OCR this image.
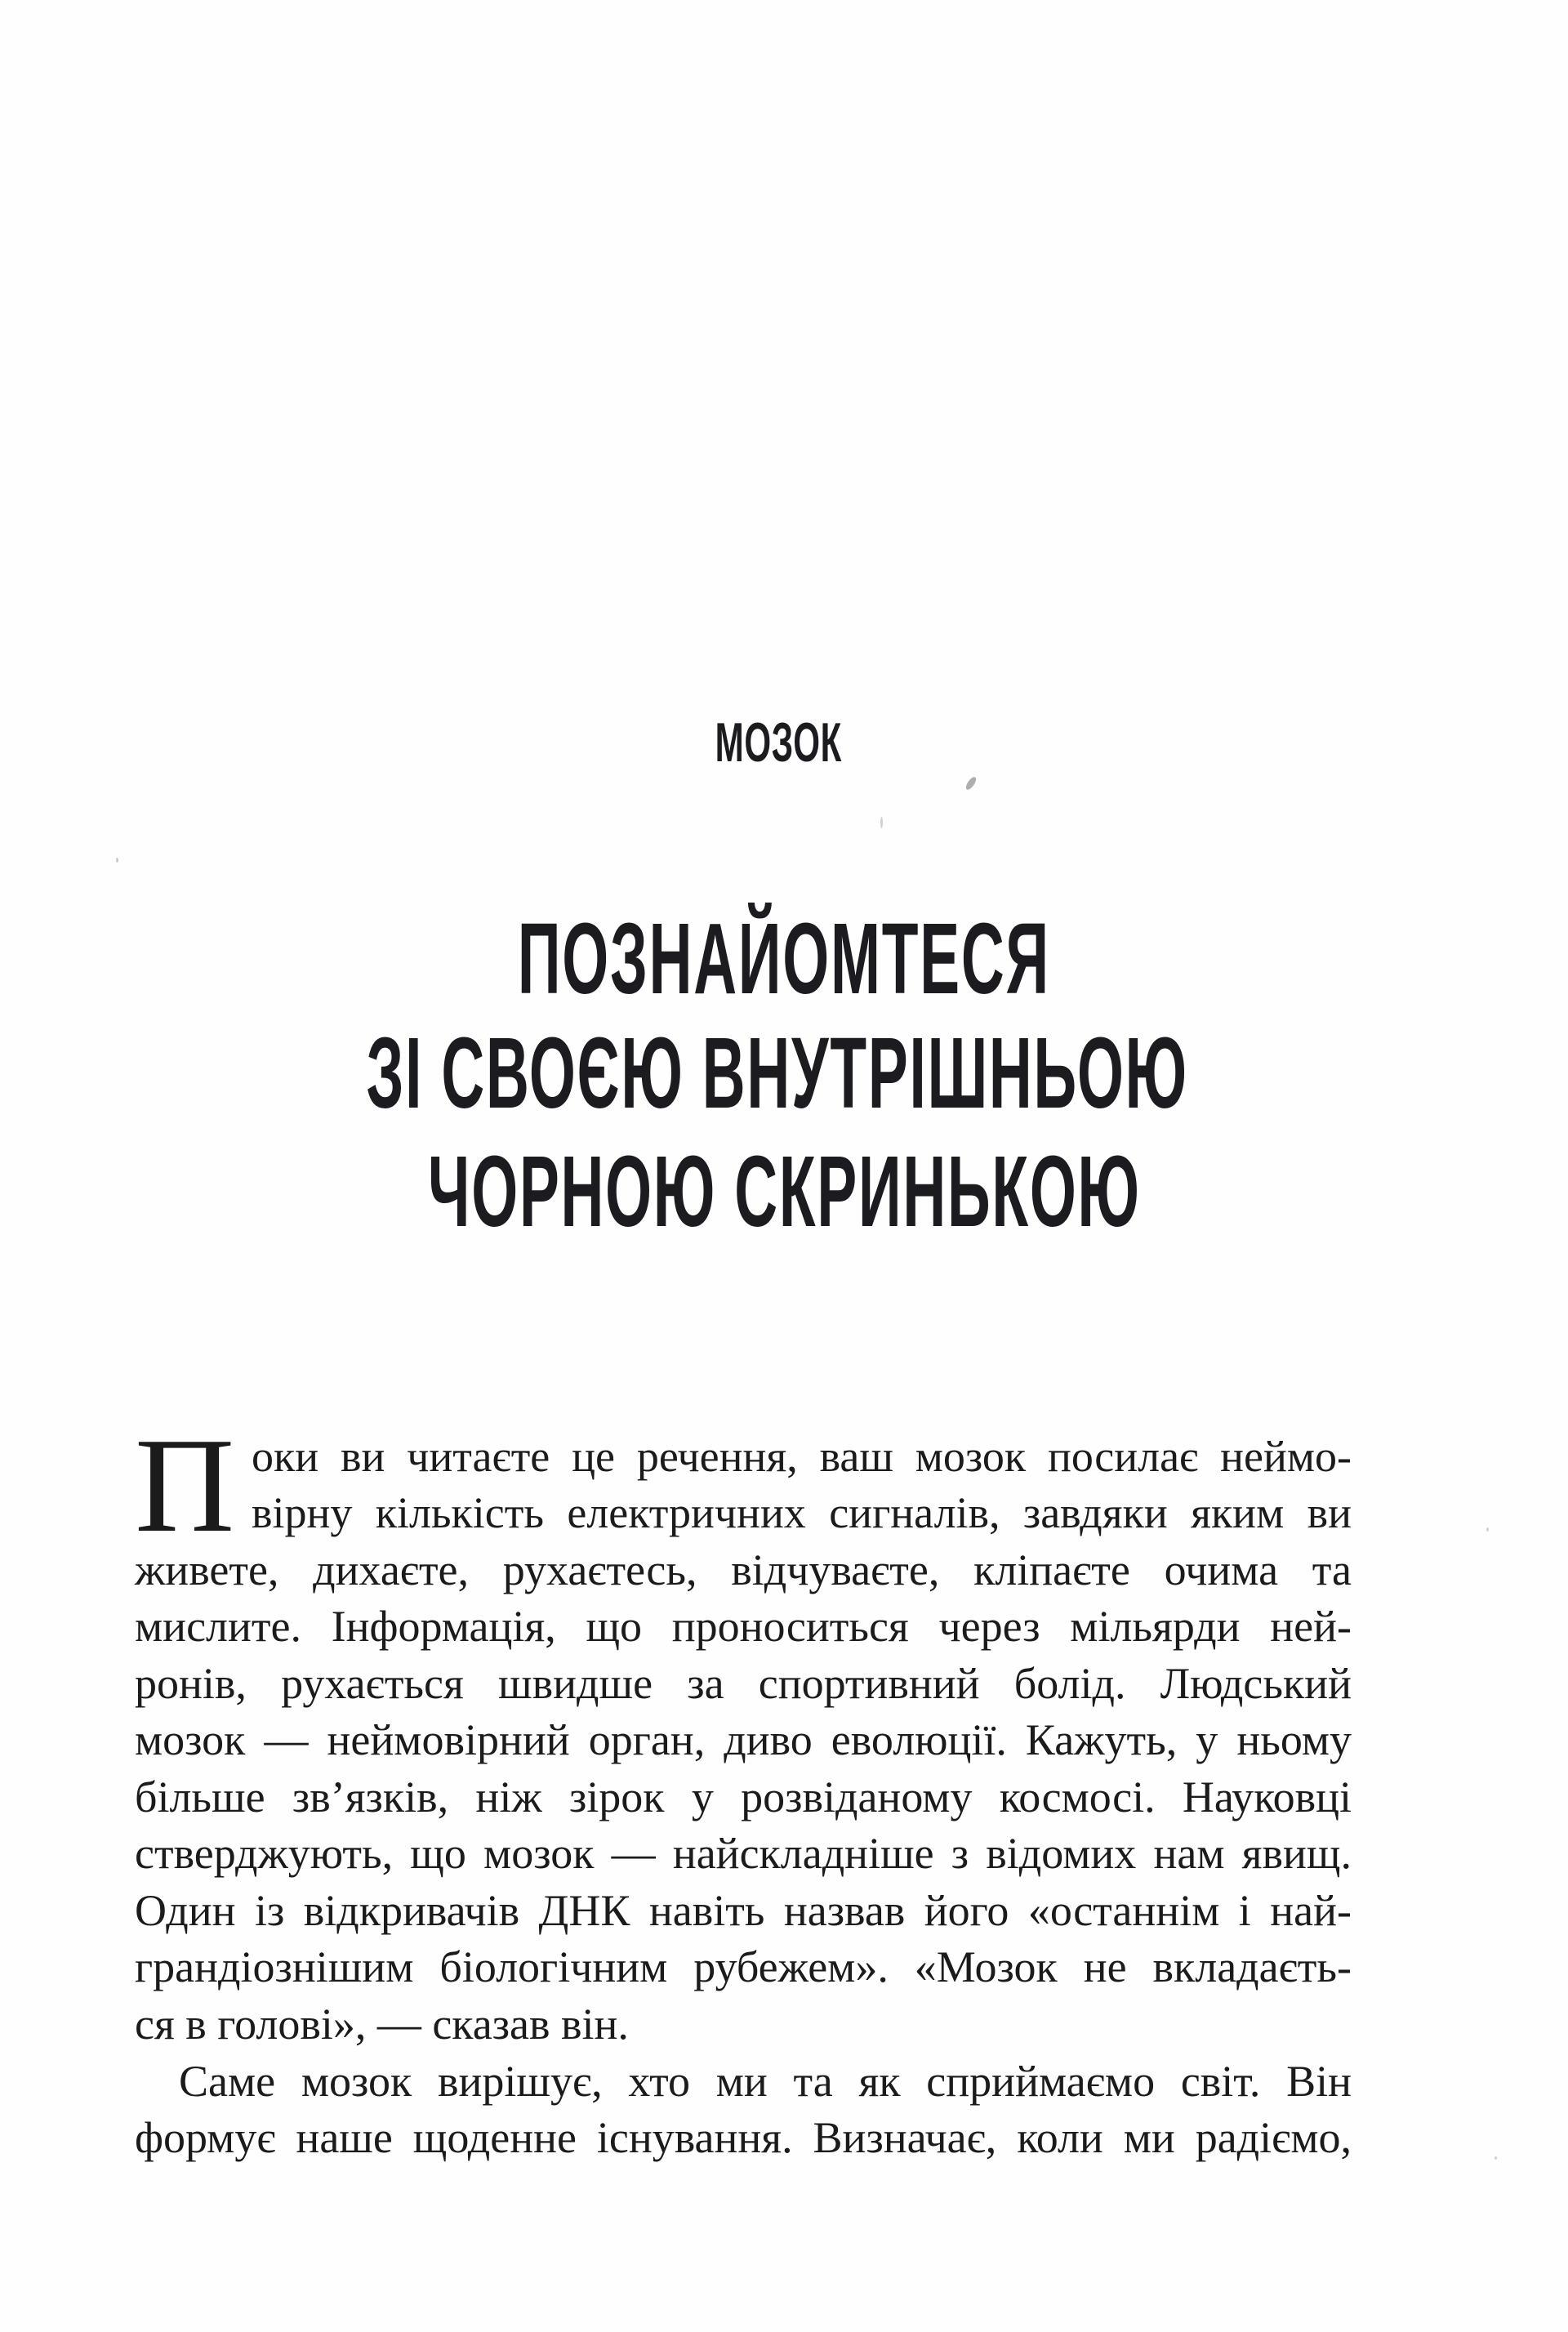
МОЗОК
ПОЗНАЙОМТЕСЯ
ЗІ СВОЄЮ ВНУТРІШНЬОЮ
ЧОРНОЮ СКРИНЬКОЮ
П оки ви читаєте це речення, ваш мозок посилає неймо-
вірну кількість електричних сигналів, завдяки яким ви
живете, дихаєте, рухаєтесь, відчуваєте, кліпаєте очима та
мислите. Інформація, що проноситься через мільярди ней-
ронів, рухається швидше за спортивний болід. Людський
мозок — неймовірний орган, диво еволюції. Кажуть, у ньому
більше зв’язків, ніж зірок у розвіданому космосі. Науковці
стверджують, що мозок — найскладніше з відомих нам явищ.
Один із відкривачів ДНК навіть назвав його «останнім і най-
грандіознішим біологічним рубежем». «Мозок не вкладаєть-
ся в голові», — сказав він.
Саме мозок вирішує, хто ми та як сприймаємо світ. Він
формує наше щоденне існування. Визначає, коли ми радіємо,
